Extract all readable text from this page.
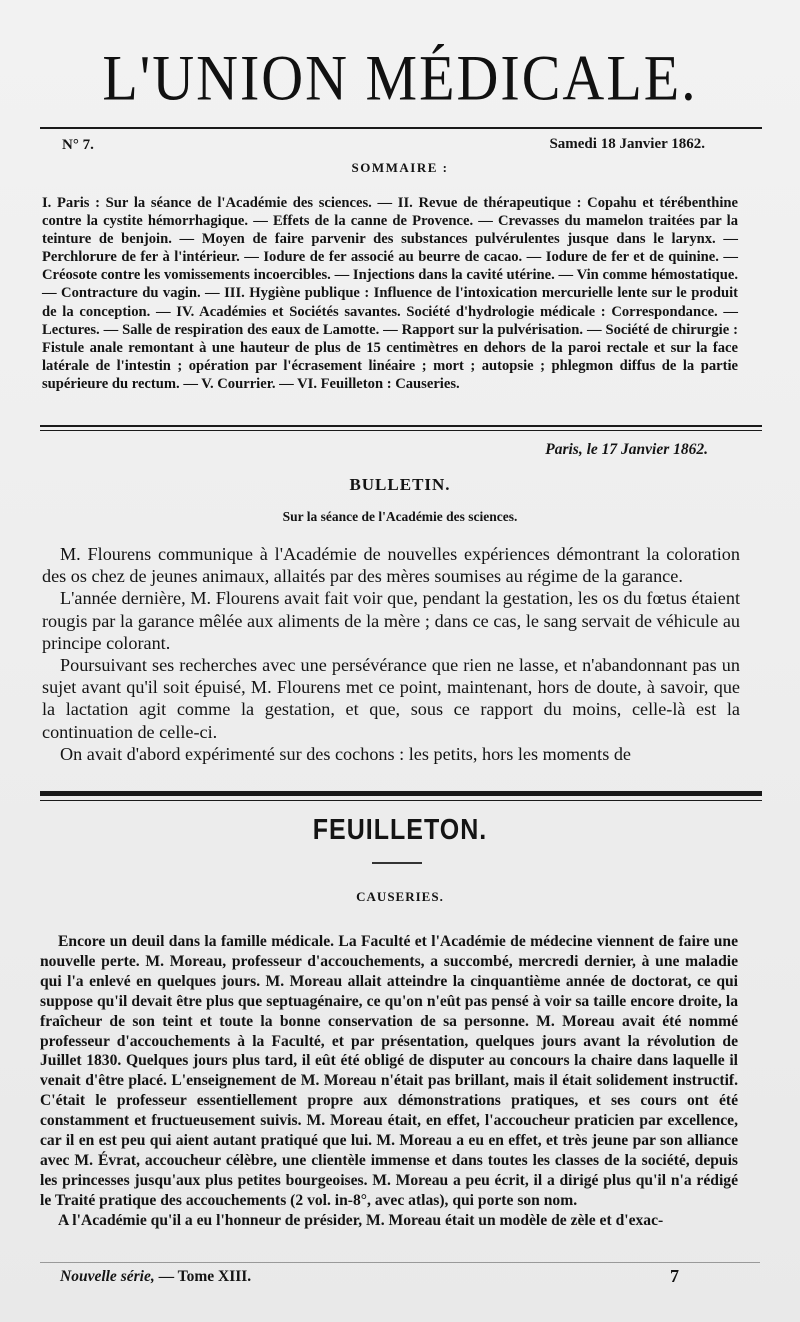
L'UNION MÉDICALE.
N° 7.	Samedi 18 Janvier 1862.
SOMMAIRE :
I. Paris : Sur la séance de l'Académie des sciences. — II. Revue de thérapeutique : Copahu et térébenthine contre la cystite hémorrhagique. — Effets de la canne de Provence. — Crevasses du mamelon traitées par la teinture de benjoin. — Moyen de faire parvenir des substances pulvérulentes jusque dans le larynx. — Perchlorure de fer à l'intérieur. — Iodure de fer associé au beurre de cacao. — Iodure de fer et de quinine. — Créosote contre les vomissements incoercibles. — Injections dans la cavité utérine. — Vin comme hémostatique. — Contracture du vagin. — III. Hygiène publique : Influence de l'intoxication mercurielle lente sur le produit de la conception. — IV. Académies et Sociétés savantes. Société d'hydrologie médicale : Correspondance. — Lectures. — Salle de respiration des eaux de Lamotte. — Rapport sur la pulvérisation. — Société de chirurgie : Fistule anale remontant à une hauteur de plus de 15 centimètres en dehors de la paroi rectale et sur la face latérale de l'intestin ; opération par l'écrasement linéaire ; mort ; autopsie ; phlegmon diffus de la partie supérieure du rectum. — V. Courrier. — VI. Feuilleton : Causeries.
Paris, le 17 Janvier 1862.
BULLETIN.
Sur la séance de l'Académie des sciences.

M. Flourens communique à l'Académie de nouvelles expériences démontrant la coloration des os chez de jeunes animaux, allaités par des mères soumises au régime de la garance.

L'année dernière, M. Flourens avait fait voir que, pendant la gestation, les os du fœtus étaient rougis par la garance mêlée aux aliments de la mère ; dans ce cas, le sang servait de véhicule au principe colorant.

Poursuivant ses recherches avec une persévérance que rien ne lasse, et n'abandonnant pas un sujet avant qu'il soit épuisé, M. Flourens met ce point, maintenant, hors de doute, à savoir, que la lactation agit comme la gestation, et que, sous ce rapport du moins, celle-là est la continuation de celle-ci.

On avait d'abord expérimenté sur des cochons : les petits, hors les moments de

FEUILLETON.
CAUSERIES.

Encore un deuil dans la famille médicale. La Faculté et l'Académie de médecine viennent de faire une nouvelle perte. M. Moreau, professeur d'accouchements, a succombé, mercredi dernier, à une maladie qui l'a enlevé en quelques jours. M. Moreau allait atteindre la cinquantième année de doctorat, ce qui suppose qu'il devait être plus que septuagénaire, ce qu'on n'eût pas pensé à voir sa taille encore droite, la fraîcheur de son teint et toute la bonne conservation de sa personne. M. Moreau avait été nommé professeur d'accouchements à la Faculté, et par présentation, quelques jours avant la révolution de Juillet 1830. Quelques jours plus tard, il eût été obligé de disputer au concours la chaire dans laquelle il venait d'être placé. L'enseignement de M. Moreau n'était pas brillant, mais il était solidement instructif. C'était le professeur essentiellement propre aux démonstrations pratiques, et ses cours ont été constamment et fructueusement suivis. M. Moreau était, en effet, l'accoucheur praticien par excellence, car il en est peu qui aient autant pratiqué que lui. M. Moreau a eu en effet, et très jeune par son alliance avec M. Évrat, accoucheur célèbre, une clientèle immense et dans toutes les classes de la société, depuis les princesses jusqu'aux plus petites bourgeoises. M. Moreau a peu écrit, il a dirigé plus qu'il n'a rédigé le Traité pratique des accouchements (2 vol. in-8°, avec atlas), qui porte son nom.

A l'Académie qu'il a eu l'honneur de présider, M. Moreau était un modèle de zèle et d'exac-

Nouvelle série, — Tome XIII.	7
